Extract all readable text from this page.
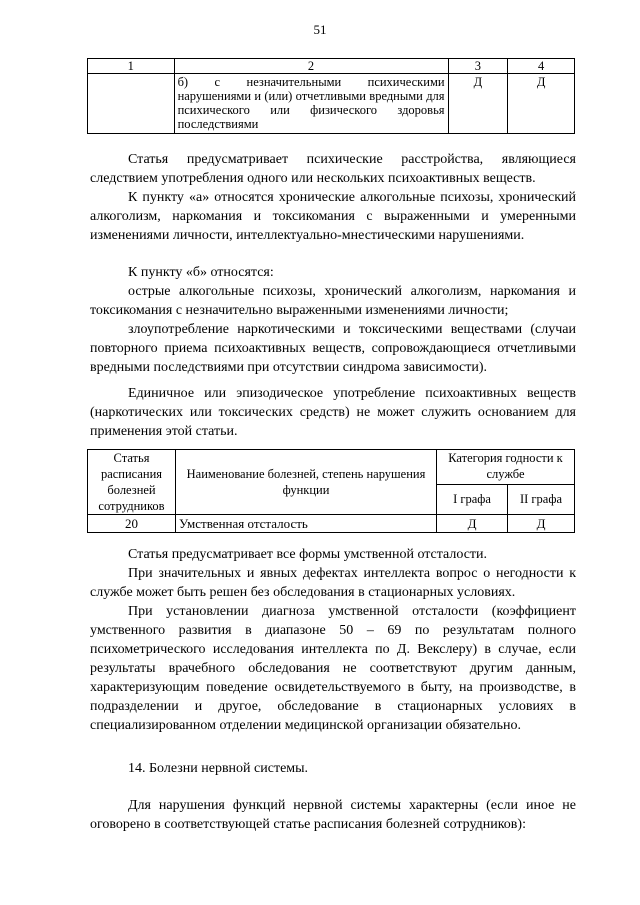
51
1	2	3	4
	б) с незначительными психическими нарушениями и (или) отчетливыми вредными для психического или физического здоровья последствиями	Д	Д

Статья предусматривает психические расстройства, являющиеся следствием употребления одного или нескольких психоактивных веществ.

К пункту «а» относятся хронические алкогольные психозы, хронический алкоголизм, наркомания и токсикомания с выраженными и умеренными изменениями личности, интеллектуально-мнестическими нарушениями.

К пункту «б» относятся:

острые алкогольные психозы, хронический алкоголизм, наркомания и токсикомания с незначительно выраженными изменениями личности;

злоупотребление наркотическими и токсическими веществами (случаи повторного приема психоактивных веществ, сопровождающиеся отчетливыми вредными последствиями при отсутствии синдрома зависимости).

Единичное или эпизодическое употребление психоактивных веществ (наркотических или токсических средств) не может служить основанием для применения этой статьи.

Статья расписания болезней сотрудников	Наименование болезней, степень нарушения функции	Категория годности к службе	
		I графа	II графа
20	Умственная отсталость	Д	Д

Статья предусматривает все формы умственной отсталости.

При значительных и явных дефектах интеллекта вопрос о негодности к службе может быть решен без обследования в стационарных условиях.

При установлении диагноза умственной отсталости (коэффициент умственного развития в диапазоне 50 – 69 по результатам полного психометрического исследования интеллекта по Д. Векслеру) в случае, если результаты врачебного обследования не соответствуют другим данным, характеризующим поведение освидетельствуемого в быту, на производстве, в подразделении и другое, обследование в стационарных условиях в специализированном отделении медицинской организации обязательно.

14. Болезни нервной системы.

Для нарушения функций нервной системы характерны (если иное не оговорено в соответствующей статье расписания болезней сотрудников):
